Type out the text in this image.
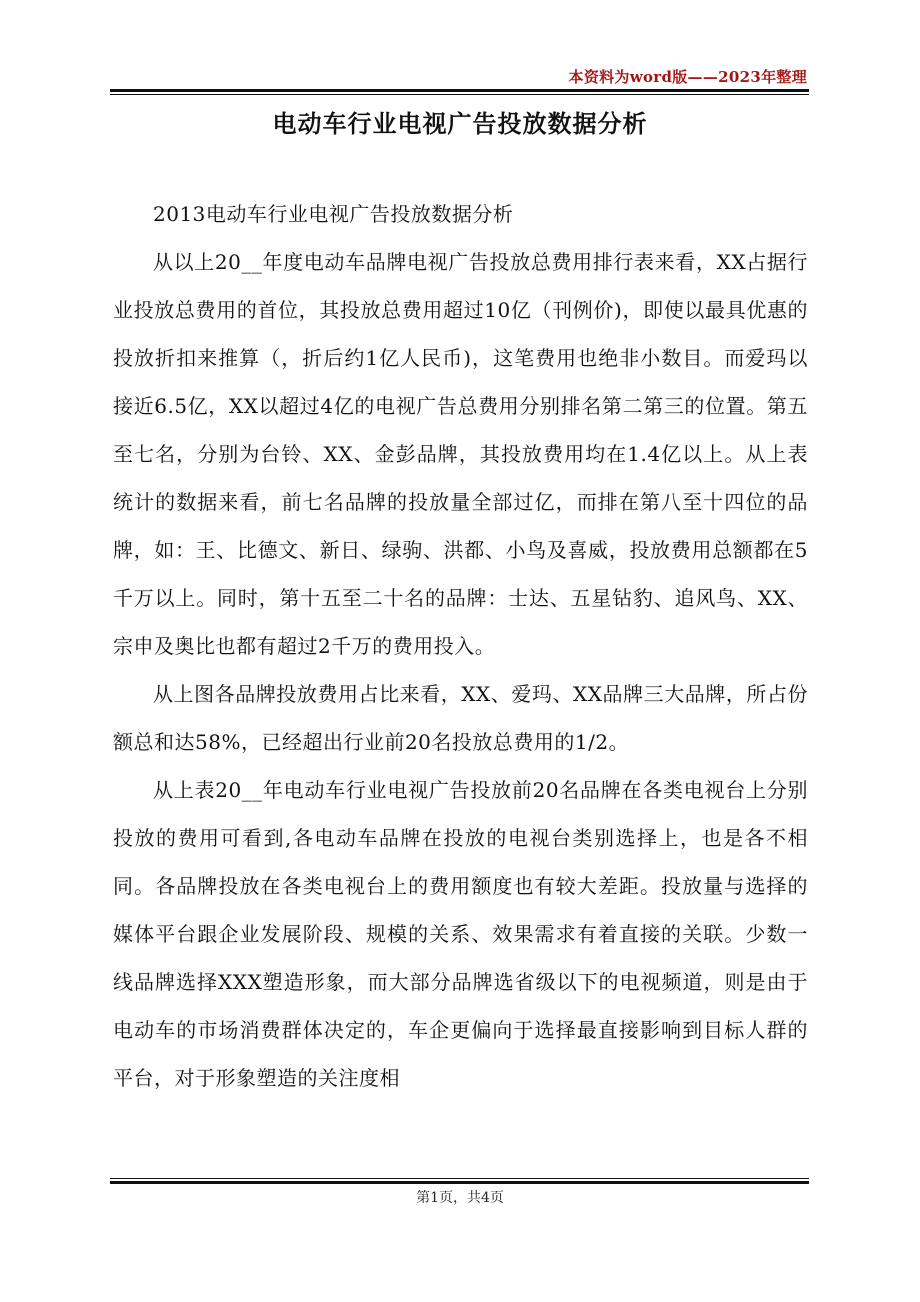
本资料为word版——2023年整理
电动车行业电视广告投放数据分析

2013电动车行业电视广告投放数据分析

从以上20__年度电动车品牌电视广告投放总费用排行表来看，XX占据行业投放总费用的首位，其投放总费用超过10亿（刊例价)，即使以最具优惠的投放折扣来推算（，折后约1亿人民币)，这笔费用也绝非小数目。而爱玛以接近6.5亿，XX以超过4亿的电视广告总费用分别排名第二第三的位置。第五至七名，分别为台铃、XX、金彭品牌，其投放费用均在1.4亿以上。从上表统计的数据来看，前七名品牌的投放量全部过亿，而排在第八至十四位的品牌，如：王、比德文、新日、绿驹、洪都、小鸟及喜威，投放费用总额都在5千万以上。同时，第十五至二十名的品牌：士达、五星钻豹、追风鸟、XX、宗申及奥比也都有超过2千万的费用投入。

从上图各品牌投放费用占比来看，XX、爱玛、XX品牌三大品牌，所占份额总和达58%，已经超出行业前20名投放总费用的1/2。

从上表20__年电动车行业电视广告投放前20名品牌在各类电视台上分别投放的费用可看到,各电动车品牌在投放的电视台类别选择上，也是各不相同。各品牌投放在各类电视台上的费用额度也有较大差距。投放量与选择的媒体平台跟企业发展阶段、规模的关系、效果需求有着直接的关联。少数一线品牌选择XXX塑造形象，而大部分品牌选省级以下的电视频道，则是由于电动车的市场消费群体决定的，车企更偏向于选择最直接影响到目标人群的平台，对于形象塑造的关注度相

第1页，共4页
